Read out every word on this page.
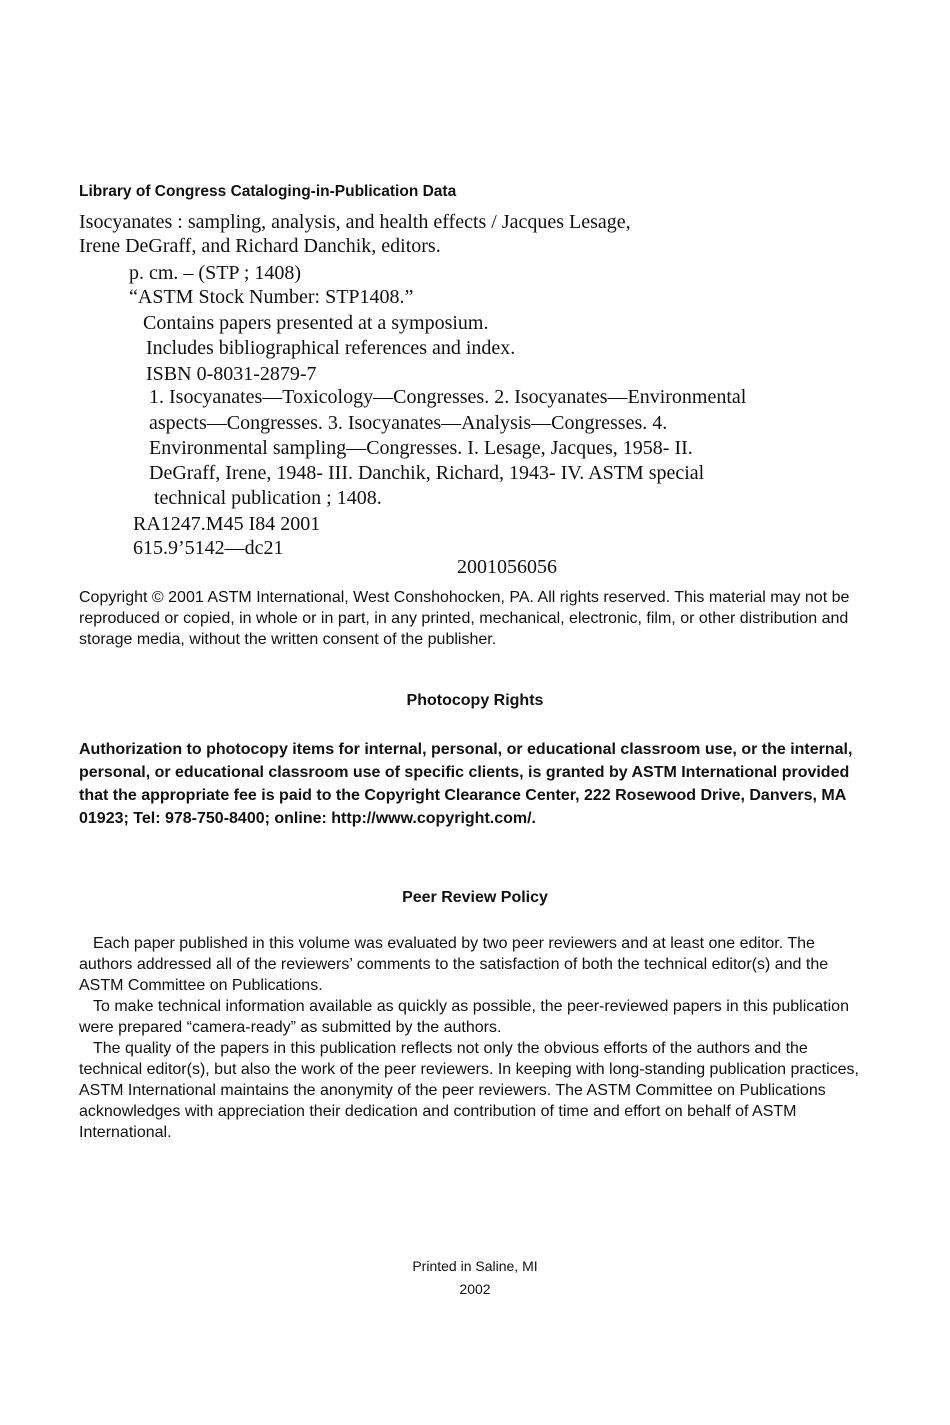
Library of Congress Cataloging-in-Publication Data
Isocyanates : sampling, analysis, and health effects / Jacques Lesage,
Irene DeGraff, and Richard Danchik, editors.
p. cm. – (STP ; 1408)
“ASTM Stock Number: STP1408.”
Contains papers presented at a symposium.
Includes bibliographical references and index.
ISBN 0-8031-2879-7
1. Isocyanates—Toxicology—Congresses. 2. Isocyanates—Environmental
aspects—Congresses. 3. Isocyanates—Analysis—Congresses. 4.
Environmental sampling—Congresses. I. Lesage, Jacques, 1958- II.
DeGraff, Irene, 1948- III. Danchik, Richard, 1943- IV. ASTM special
technical publication ; 1408.
RA1247.M45 I84 2001
615.9’5142—dc21
2001056056

Copyright © 2001 ASTM International, West Conshohocken, PA. All rights reserved. This material may not be reproduced or copied, in whole or in part, in any printed, mechanical, electronic, film, or other distribution and storage media, without the written consent of the publisher.

Photocopy Rights
Authorization to photocopy items for internal, personal, or educational classroom use, or the internal, personal, or educational classroom use of specific clients, is granted by ASTM International provided that the appropriate fee is paid to the Copyright Clearance Center, 222 Rosewood Drive, Danvers, MA 01923; Tel: 978-750-8400; online: http://www.copyright.com/.
Peer Review Policy

Each paper published in this volume was evaluated by two peer reviewers and at least one editor. The authors addressed all of the reviewers’ comments to the satisfaction of both the technical editor(s) and the ASTM Committee on Publications.

To make technical information available as quickly as possible, the peer-reviewed papers in this publication were prepared “camera-ready” as submitted by the authors.

The quality of the papers in this publication reflects not only the obvious efforts of the authors and the technical editor(s), but also the work of the peer reviewers. In keeping with long-standing publication practices, ASTM International maintains the anonymity of the peer reviewers. The ASTM Committee on Publications acknowledges with appreciation their dedication and contribution of time and effort on behalf of ASTM International.

Printed in Saline, MI
2002
